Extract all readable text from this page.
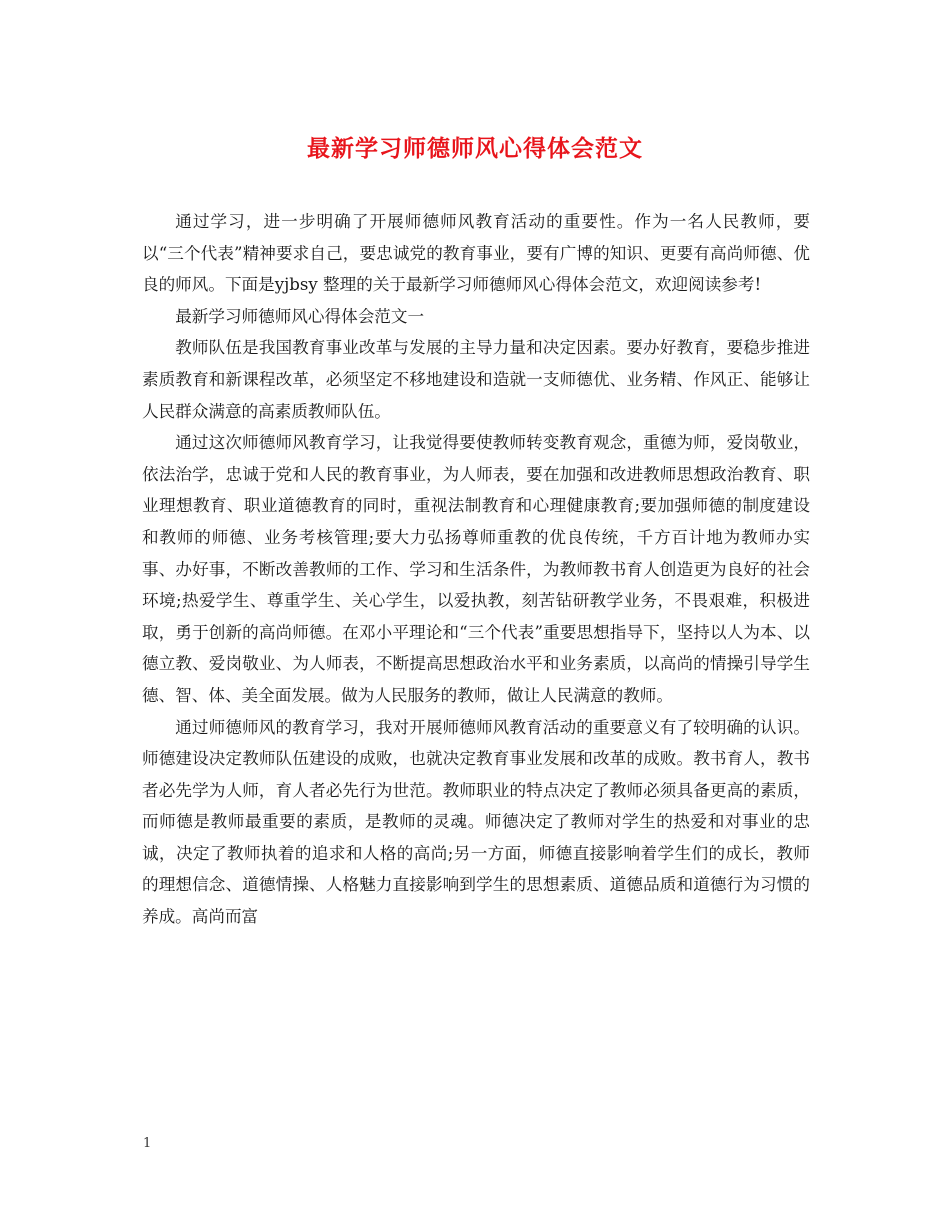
最新学习师德师风心得体会范文

通过学习，进一步明确了开展师德师风教育活动的重要性。作为一名人民教师，要以“三个代表”精神要求自己，要忠诚党的教育事业，要有广博的知识、更要有高尚师德、优良的师风。下面是yjbsy 整理的关于最新学习师德师风心得体会范文，欢迎阅读参考!

最新学习师德师风心得体会范文一

教师队伍是我国教育事业改革与发展的主导力量和决定因素。要办好教育，要稳步推进素质教育和新课程改革，必须坚定不移地建设和造就一支师德优、业务精、作风正、能够让人民群众满意的高素质教师队伍。

通过这次师德师风教育学习，让我觉得要使教师转变教育观念，重德为师，爱岗敬业，依法治学，忠诚于党和人民的教育事业，为人师表，要在加强和改进教师思想政治教育、职业理想教育、职业道德教育的同时，重视法制教育和心理健康教育;要加强师德的制度建设和教师的师德、业务考核管理;要大力弘扬尊师重教的优良传统，千方百计地为教师办实事、办好事，不断改善教师的工作、学习和生活条件，为教师教书育人创造更为良好的社会环境;热爱学生、尊重学生、关心学生，以爱执教，刻苦钻研教学业务，不畏艰难，积极进取，勇于创新的高尚师德。在邓小平理论和“三个代表”重要思想指导下，坚持以人为本、以德立教、爱岗敬业、为人师表，不断提高思想政治水平和业务素质，以高尚的情操引导学生德、智、体、美全面发展。做为人民服务的教师，做让人民满意的教师。

通过师德师风的教育学习，我对开展师德师风教育活动的重要意义有了较明确的认识。师德建设决定教师队伍建设的成败，也就决定教育事业发展和改革的成败。教书育人，教书者必先学为人师，育人者必先行为世范。教师职业的特点决定了教师必须具备更高的素质，而师德是教师最重要的素质，是教师的灵魂。师德决定了教师对学生的热爱和对事业的忠诚，决定了教师执着的追求和人格的高尚;另一方面，师德直接影响着学生们的成长，教师的理想信念、道德情操、人格魅力直接影响到学生的思想素质、道德品质和道德行为习惯的养成。高尚而富

1
